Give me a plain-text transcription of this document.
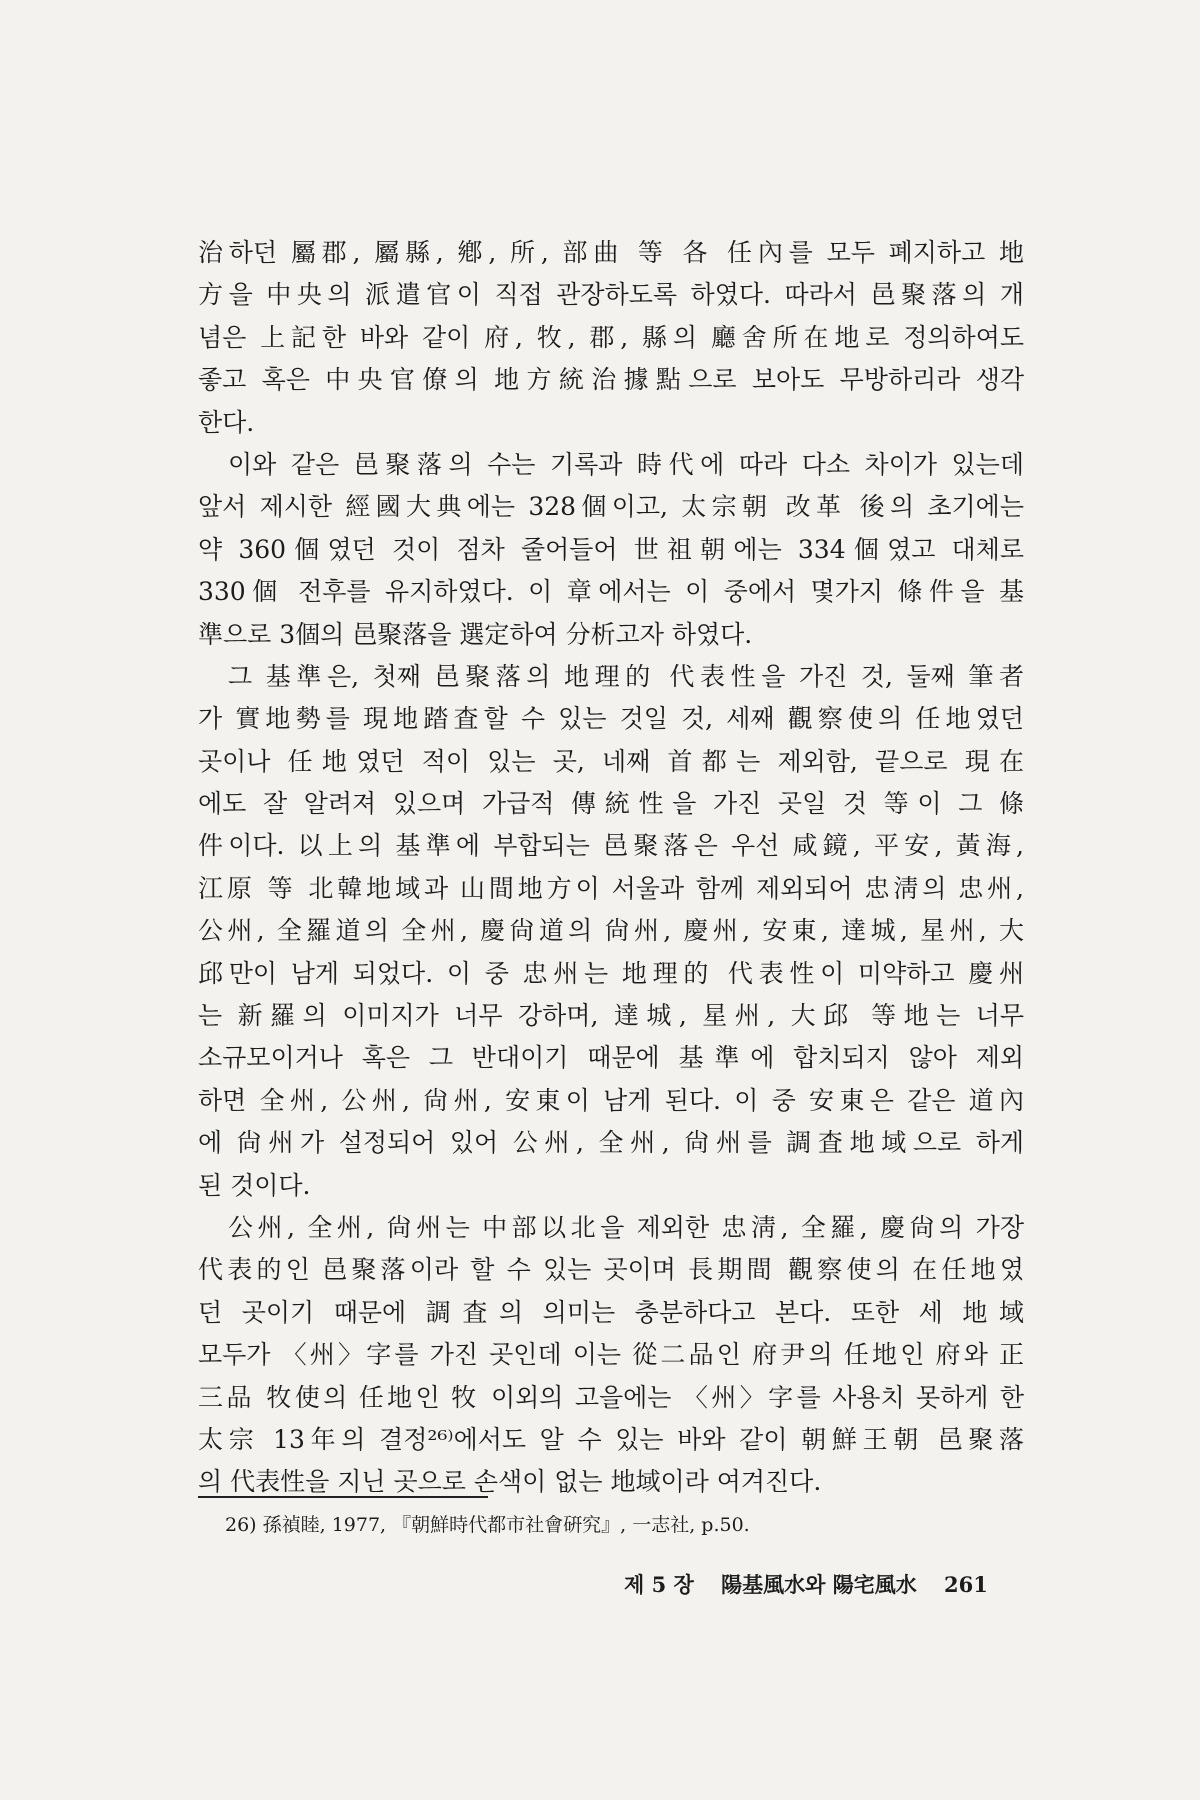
治하던 屬郡, 屬縣, 鄕, 所, 部曲 等 各 任內를 모두 폐지하고 地
方을 中央의 派遣官이 직접 관장하도록 하였다. 따라서 邑聚落의 개
념은 上記한 바와 같이 府, 牧, 郡, 縣의 廳舍所在地로 정의하여도
좋고 혹은 中央官僚의 地方統治據點으로 보아도 무방하리라 생각
한다.
이와 같은 邑聚落의 수는 기록과 時代에 따라 다소 차이가 있는데
앞서 제시한 經國大典에는 328個이고, 太宗朝 改革 後의 초기에는
약 360個였던 것이 점차 줄어들어 世祖朝에는 334個였고 대체로
330個 전후를 유지하였다. 이 章에서는 이 중에서 몇가지 條件을 基
準으로 3個의 邑聚落을 選定하여 分析고자 하였다.
그 基準은, 첫째 邑聚落의 地理的 代表性을 가진 것, 둘째 筆者
가 實地勢를 現地踏査할 수 있는 것일 것, 세째 觀察使의 任地였던
곳이나 任地였던 적이 있는 곳, 네째 首都는 제외함, 끝으로 現在
에도 잘 알려져 있으며 가급적 傳統性을 가진 곳일 것 等이 그 條
件이다. 以上의 基準에 부합되는 邑聚落은 우선 咸鏡, 平安, 黃海,
江原 等 北韓地域과 山間地方이 서울과 함께 제외되어 忠淸의 忠州,
公州, 全羅道의 全州, 慶尙道의 尙州, 慶州, 安東, 達城, 星州, 大
邱만이 남게 되었다. 이 중 忠州는 地理的 代表性이 미약하고 慶州
는 新羅의 이미지가 너무 강하며, 達城, 星州, 大邱 等地는 너무
소규모이거나 혹은 그 반대이기 때문에 基準에 합치되지 않아 제외
하면 全州, 公州, 尙州, 安東이 남게 된다. 이 중 安東은 같은 道內
에 尙州가 설정되어 있어 公州, 全州, 尙州를 調査地域으로 하게
된 것이다.
公州, 全州, 尙州는 中部以北을 제외한 忠淸, 全羅, 慶尙의 가장
代表的인 邑聚落이라 할 수 있는 곳이며 長期間 觀察使의 在任地였
던 곳이기 때문에 調査의 의미는 충분하다고 본다. 또한 세 地域
모두가 〈州〉字를 가진 곳인데 이는 從二品인 府尹의 任地인 府와 正
三品 牧使의 任地인 牧 이외의 고을에는 〈州〉字를 사용치 못하게 한
太宗 13年의 결정²⁶⁾에서도 알 수 있는 바와 같이 朝鮮王朝 邑聚落
의 代表性을 지닌 곳으로 손색이 없는 地域이라 여겨진다.
26) 孫禎睦, 1977, 『朝鮮時代都市社會硏究』, 一志社, p.50.
제 5 장 陽基風水와 陽宅風水 261
